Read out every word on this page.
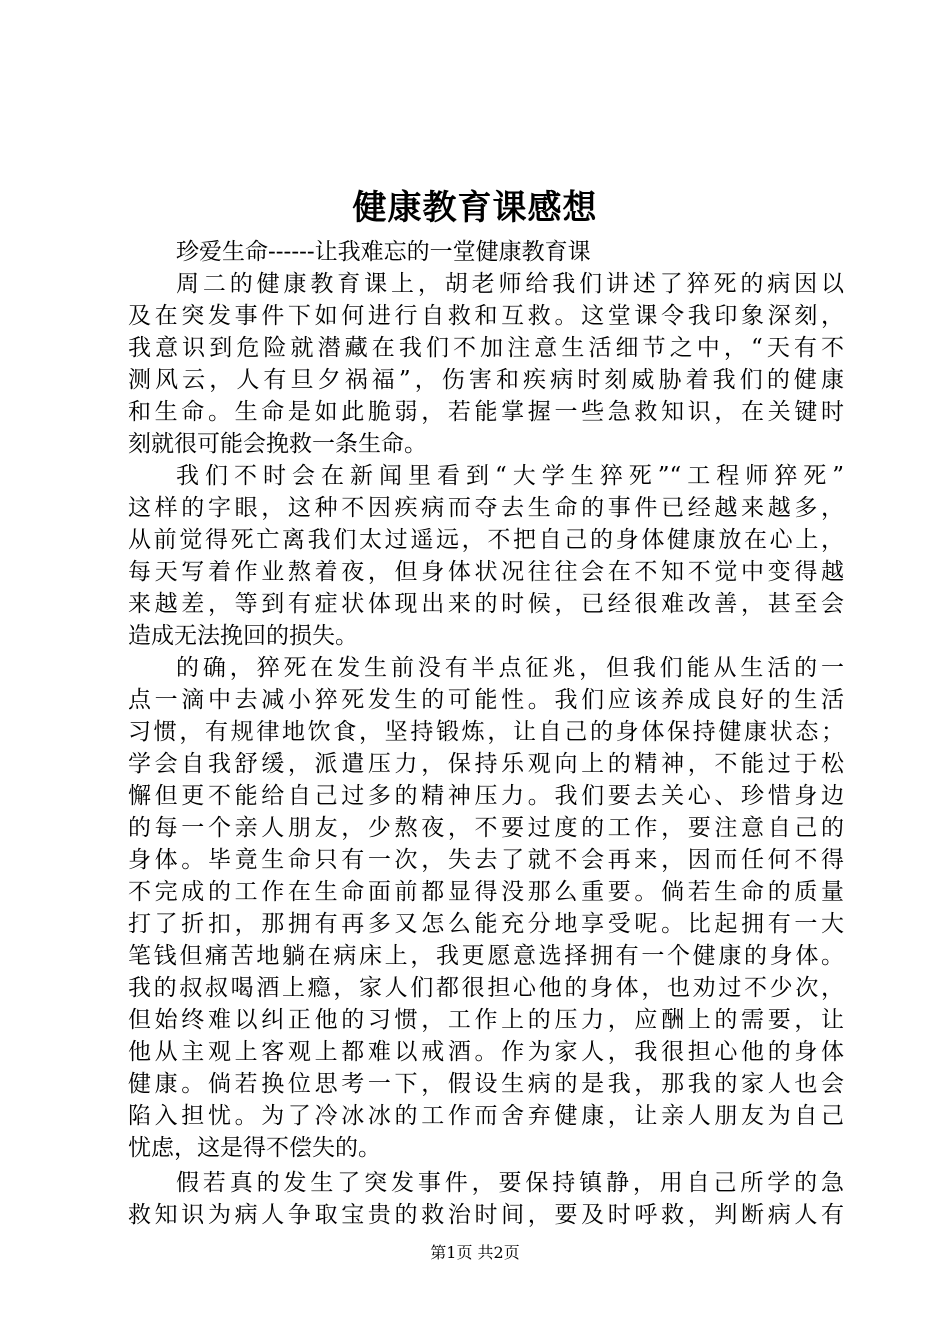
健康教育课感想
珍爱生命------让我难忘的一堂健康教育课
周二的健康教育课上，胡老师给我们讲述了猝死的病因以
及在突发事件下如何进行自救和互救。这堂课令我印象深刻，
我意识到危险就潜藏在我们不加注意生活细节之中，“天有不
测风云，人有旦夕祸福”，伤害和疾病时刻威胁着我们的健康
和生命。生命是如此脆弱，若能掌握一些急救知识，在关键时
刻就很可能会挽救一条生命。
我们不时会在新闻里看到“大学生猝死”“工程师猝死”
这样的字眼，这种不因疾病而夺去生命的事件已经越来越多，
从前觉得死亡离我们太过遥远，不把自己的身体健康放在心上，
每天写着作业熬着夜，但身体状况往往会在不知不觉中变得越
来越差，等到有症状体现出来的时候，已经很难改善，甚至会
造成无法挽回的损失。
的确，猝死在发生前没有半点征兆，但我们能从生活的一
点一滴中去减小猝死发生的可能性。我们应该养成良好的生活
习惯，有规律地饮食，坚持锻炼，让自己的身体保持健康状态；
学会自我舒缓，派遣压力，保持乐观向上的精神，不能过于松
懈但更不能给自己过多的精神压力。我们要去关心、珍惜身边
的每一个亲人朋友，少熬夜，不要过度的工作，要注意自己的
身体。毕竟生命只有一次，失去了就不会再来，因而任何不得
不完成的工作在生命面前都显得没那么重要。倘若生命的质量
打了折扣，那拥有再多又怎么能充分地享受呢。比起拥有一大
笔钱但痛苦地躺在病床上，我更愿意选择拥有一个健康的身体。
我的叔叔喝酒上瘾，家人们都很担心他的身体，也劝过不少次，
但始终难以纠正他的习惯，工作上的压力，应酬上的需要，让
他从主观上客观上都难以戒酒。作为家人，我很担心他的身体
健康。倘若换位思考一下，假设生病的是我，那我的家人也会
陷入担忧。为了冷冰冰的工作而舍弃健康，让亲人朋友为自己
忧虑，这是得不偿失的。
假若真的发生了突发事件，要保持镇静，用自己所学的急
救知识为病人争取宝贵的救治时间，要及时呼救，判断病人有
第1页 共2页
